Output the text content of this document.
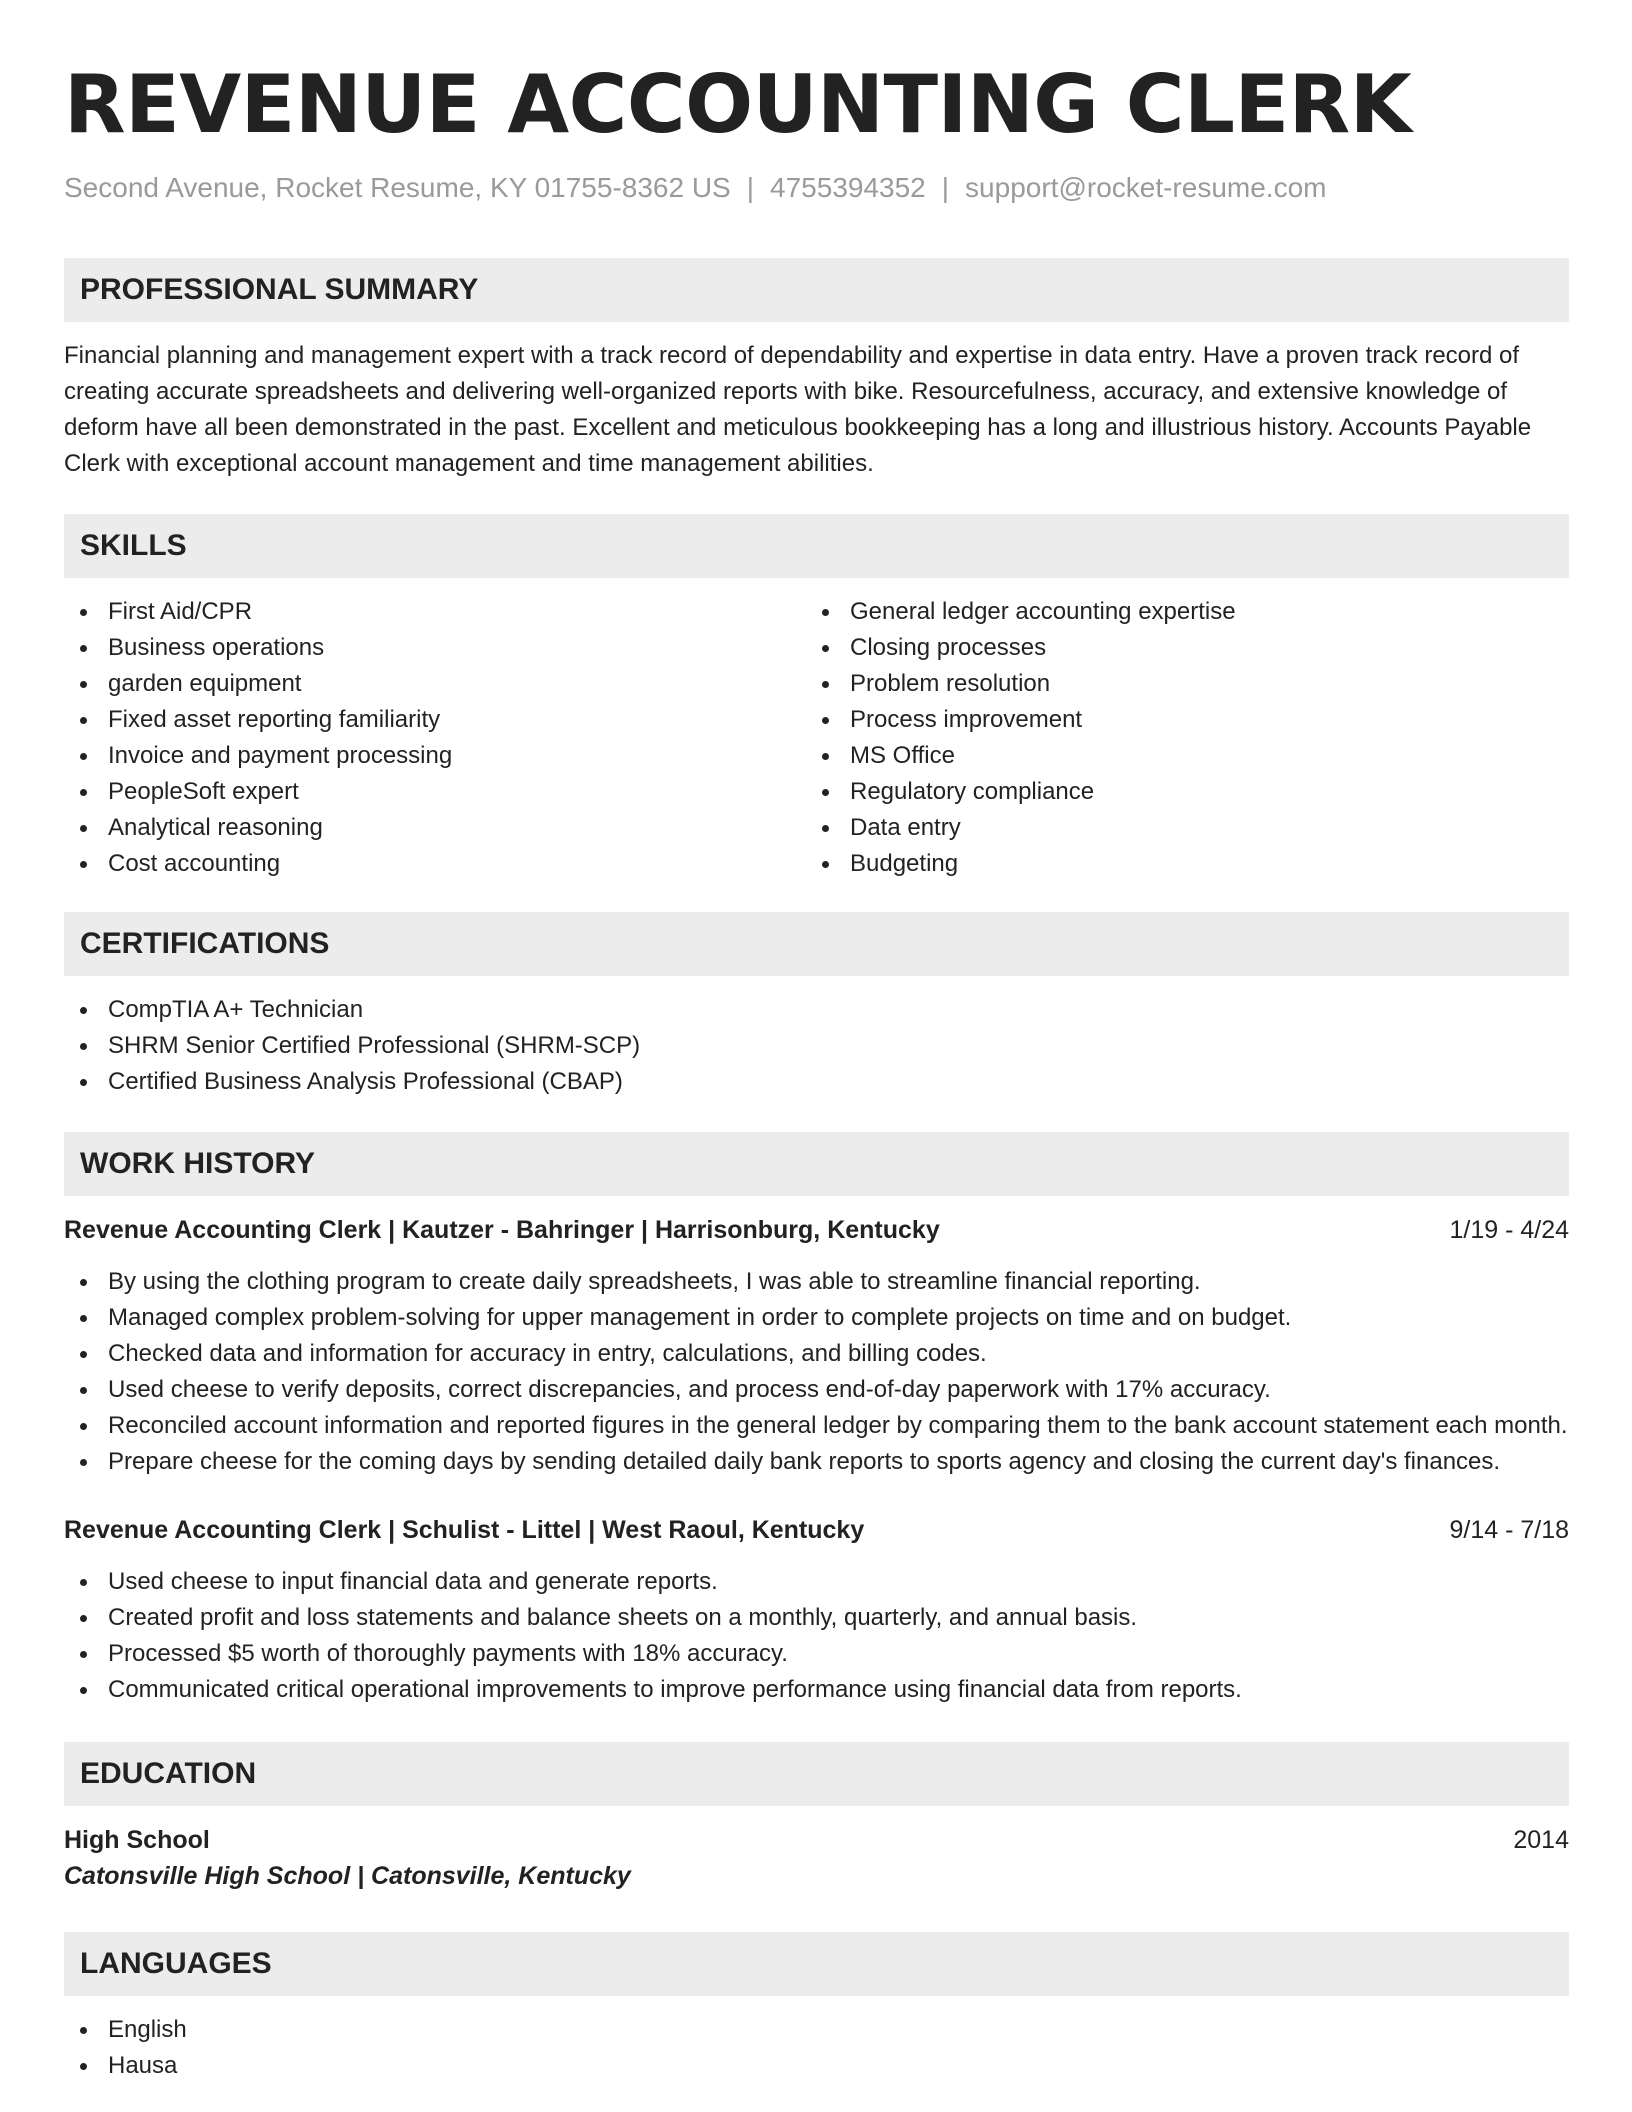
REVENUE ACCOUNTING CLERK
Second Avenue, Rocket Resume, KY 01755-8362 US | 4755394352 | support@rocket-resume.com
PROFESSIONAL SUMMARY

Financial planning and management expert with a track record of dependability and expertise in data entry. Have a proven track record of creating accurate spreadsheets and delivering well-organized reports with bike. Resourcefulness, accuracy, and extensive knowledge of deform have all been demonstrated in the past. Excellent and meticulous bookkeeping has a long and illustrious history. Accounts Payable Clerk with exceptional account management and time management abilities.

SKILLS
First Aid/CPR
Business operations
garden equipment
Fixed asset reporting familiarity
Invoice and payment processing
PeopleSoft expert
Analytical reasoning
Cost accounting
General ledger accounting expertise
Closing processes
Problem resolution
Process improvement
MS Office
Regulatory compliance
Data entry
Budgeting
CERTIFICATIONS
CompTIA A+ Technician
SHRM Senior Certified Professional (SHRM-SCP)
Certified Business Analysis Professional (CBAP)
WORK HISTORY
Revenue Accounting Clerk | Kautzer - Bahringer | Harrisonburg, Kentucky	1/19 - 4/24
By using the clothing program to create daily spreadsheets, I was able to streamline financial reporting.
Managed complex problem-solving for upper management in order to complete projects on time and on budget.
Checked data and information for accuracy in entry, calculations, and billing codes.
Used cheese to verify deposits, correct discrepancies, and process end-of-day paperwork with 17% accuracy.
Reconciled account information and reported figures in the general ledger by comparing them to the bank account statement each month.
Prepare cheese for the coming days by sending detailed daily bank reports to sports agency and closing the current day's finances.
Revenue Accounting Clerk | Schulist - Littel | West Raoul, Kentucky	9/14 - 7/18
Used cheese to input financial data and generate reports.
Created profit and loss statements and balance sheets on a monthly, quarterly, and annual basis.
Processed $5 worth of thoroughly payments with 18% accuracy.
Communicated critical operational improvements to improve performance using financial data from reports.
EDUCATION
High School	2014
Catonsville High School | Catonsville, Kentucky
LANGUAGES
English
Hausa
